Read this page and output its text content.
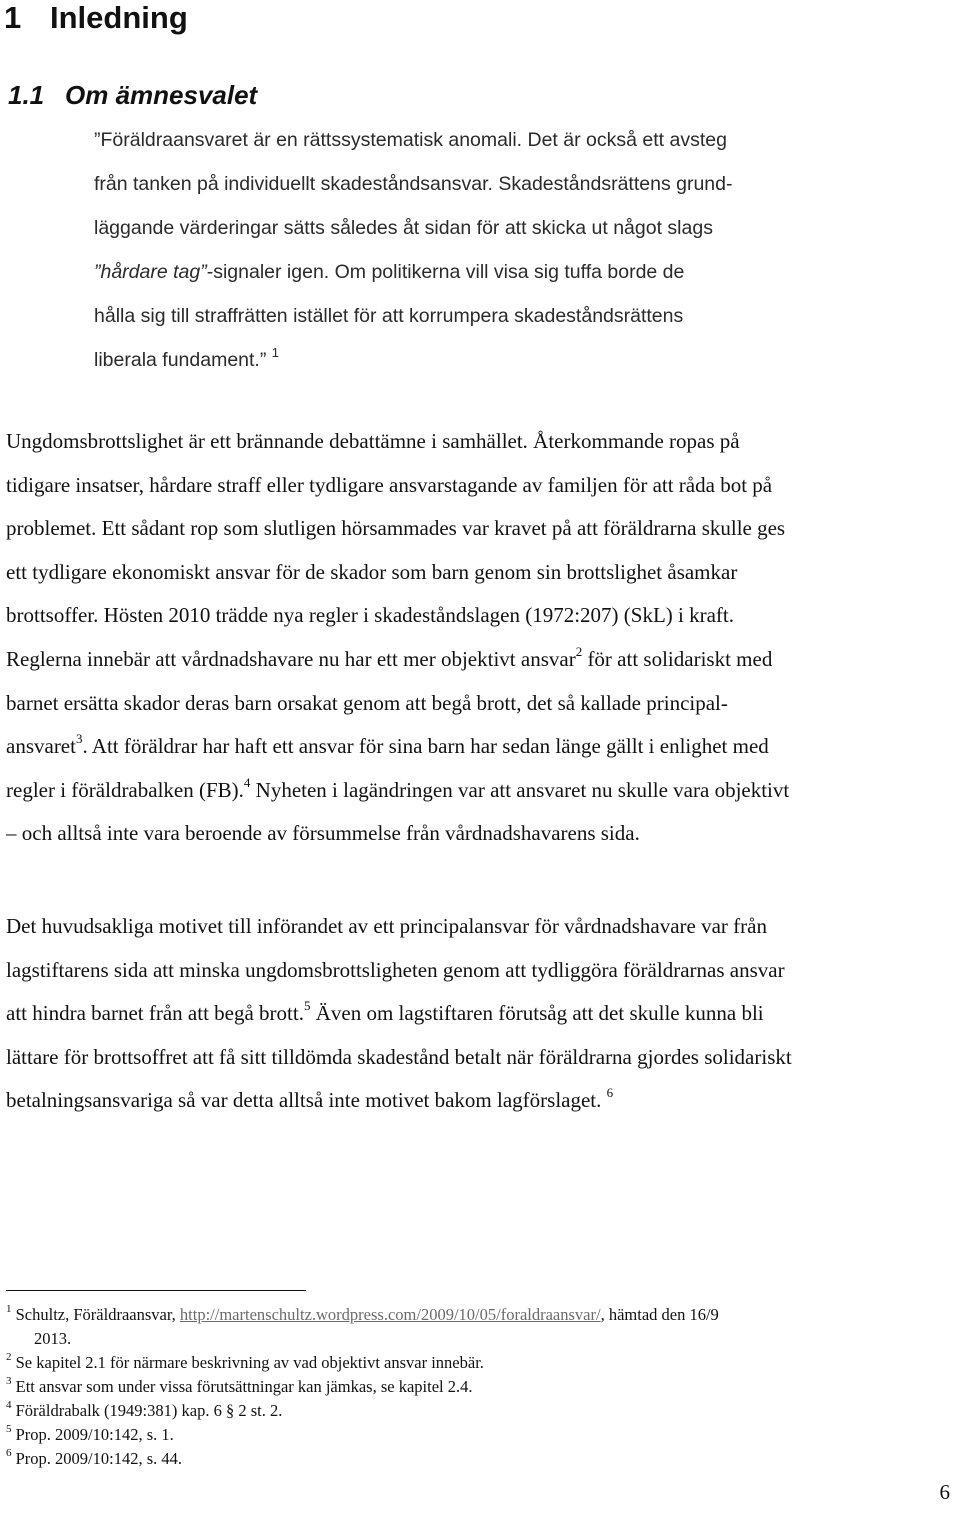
1 Inledning
1.1 Om ämnesvalet
”Föräldraansvaret är en rättssystematisk anomali. Det är också ett avsteg
från tanken på individuellt skadeståndsansvar. Skadeståndsrättens grund-
läggande värderingar sätts således åt sidan för att skicka ut något slags
”hårdare tag”-signaler igen. Om politikerna vill visa sig tuffa borde de
hålla sig till straffrätten istället för att korrumpera skadeståndsrättens
liberala fundament.” $^1$
Ungdomsbrottslighet är ett brännande debattämne i samhället. Återkommande ropas på
tidigare insatser, hårdare straff eller tydligare ansvarstagande av familjen för att råda bot på
problemet. Ett sådant rop som slutligen hörsammades var kravet på att föräldrarna skulle ges
ett tydligare ekonomiskt ansvar för de skador som barn genom sin brottslighet åsamkar
brottsoffer. Hösten 2010 trädde nya regler i skadeståndslagen (1972:207) (SkL) i kraft.
Reglerna innebär att vårdnadshavare nu har ett mer objektivt ansvar$^2$ för att solidariskt med
barnet ersätta skador deras barn orsakat genom att begå brott, det så kallade principal-
ansvaret$^3$. Att föräldrar har haft ett ansvar för sina barn har sedan länge gällt i enlighet med
regler i föräldrabalken (FB).$^4$ Nyheten i lagändringen var att ansvaret nu skulle vara objektivt
– och alltså inte vara beroende av försummelse från vårdnadshavarens sida.
Det huvudsakliga motivet till införandet av ett principalansvar för vårdnadshavare var från
lagstiftarens sida att minska ungdomsbrottsligheten genom att tydliggöra föräldrarnas ansvar
att hindra barnet från att begå brott.$^5$ Även om lagstiftaren förutsåg att det skulle kunna bli
lättare för brottsoffret att få sitt tilldömda skadestånd betalt när föräldrarna gjordes solidariskt
betalningsansvariga så var detta alltså inte motivet bakom lagförslaget. $^6$
$^1$ Schultz, Föräldraansvar, http://martenschultz.wordpress.com/2009/10/05/foraldraansvar/, hämtad den 16/9
2013.
$^2$ Se kapitel 2.1 för närmare beskrivning av vad objektivt ansvar innebär.
$^3$ Ett ansvar som under vissa förutsättningar kan jämkas, se kapitel 2.4.
$^4$ Föräldrabalk (1949:381) kap. 6 § 2 st. 2.
$^5$ Prop. 2009/10:142, s. 1.
$^6$ Prop. 2009/10:142, s. 44.
6
